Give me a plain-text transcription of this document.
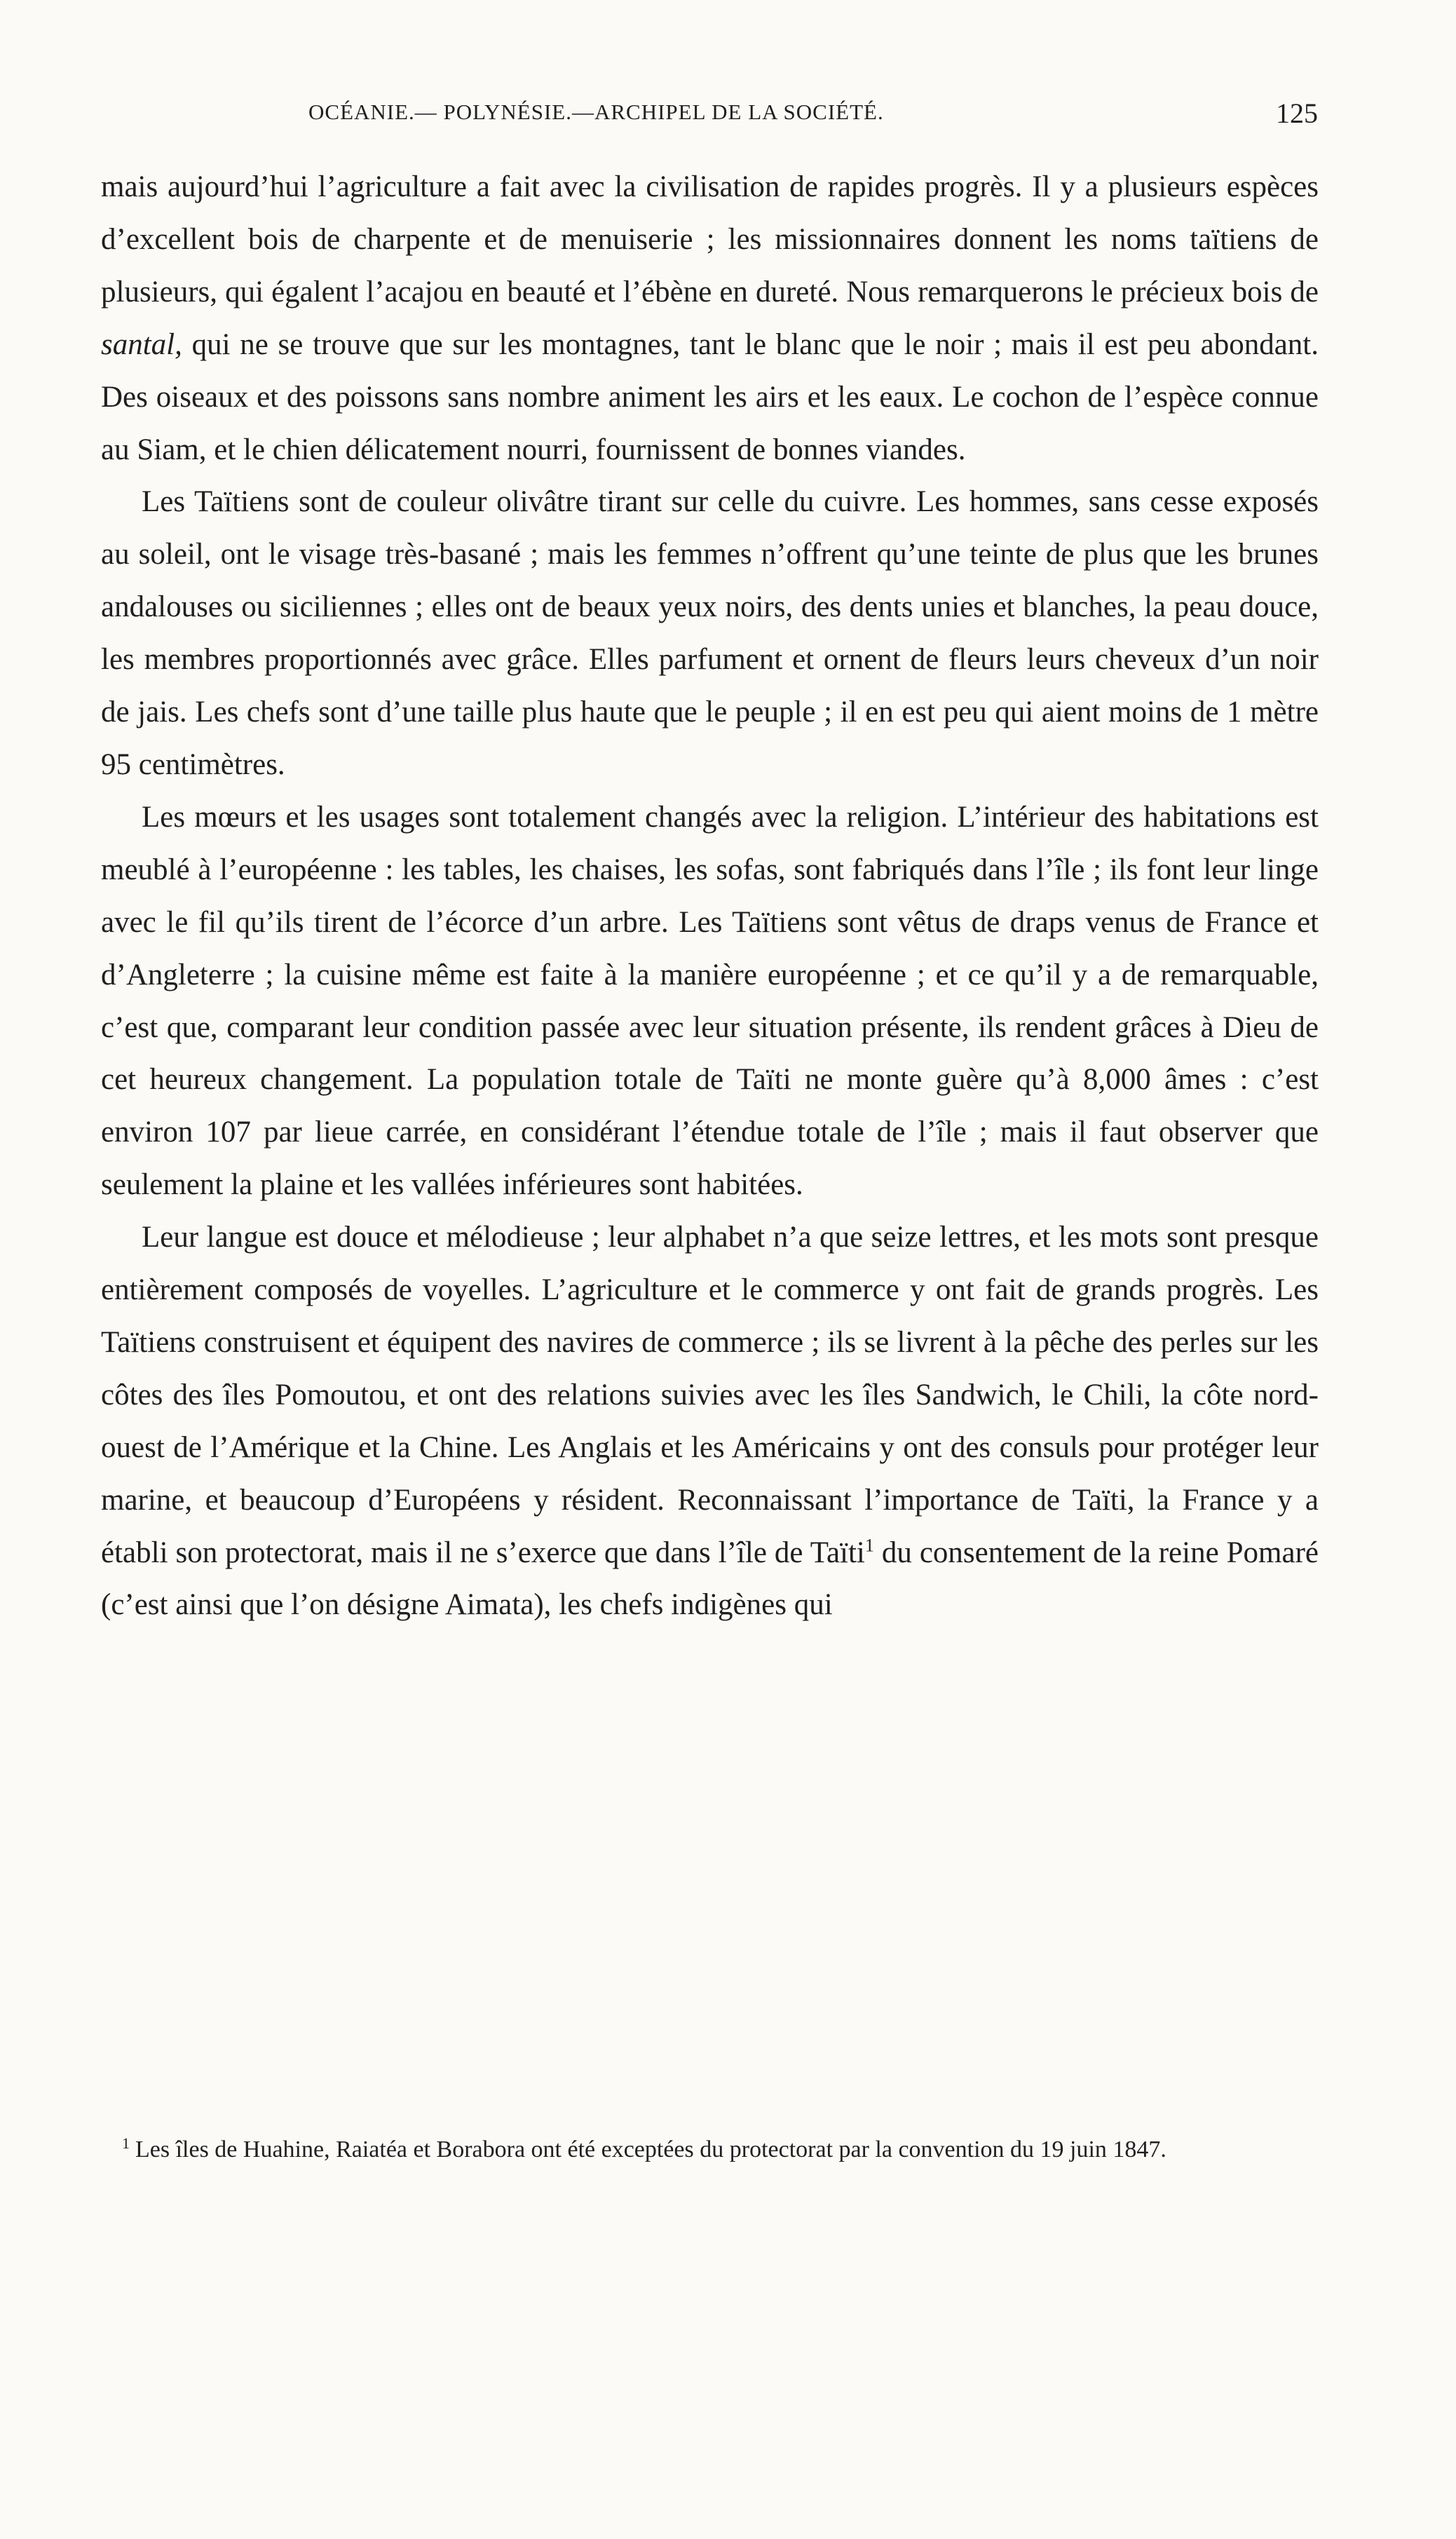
OCÉANIE.— POLYNÉSIE.—ARCHIPEL DE LA SOCIÉTÉ.	125

mais aujourd’hui l’agriculture a fait avec la civilisation de rapides progrès. Il y a plusieurs espèces d’excellent bois de charpente et de menuiserie ; les missionnaires donnent les noms taïtiens de plusieurs, qui égalent l’acajou en beauté et l’ébène en dureté. Nous remarquerons le précieux bois de santal, qui ne se trouve que sur les montagnes, tant le blanc que le noir ; mais il est peu abondant. Des oiseaux et des poissons sans nombre animent les airs et les eaux. Le cochon de l’espèce connue au Siam, et le chien délicatement nourri, fournissent de bonnes viandes.

Les Taïtiens sont de couleur olivâtre tirant sur celle du cuivre. Les hommes, sans cesse exposés au soleil, ont le visage très-basané ; mais les femmes n’offrent qu’une teinte de plus que les brunes andalouses ou siciliennes ; elles ont de beaux yeux noirs, des dents unies et blanches, la peau douce, les membres proportionnés avec grâce. Elles parfument et ornent de fleurs leurs cheveux d’un noir de jais. Les chefs sont d’une taille plus haute que le peuple ; il en est peu qui aient moins de 1 mètre 95 centimètres.

Les mœurs et les usages sont totalement changés avec la religion. L’intérieur des habitations est meublé à l’européenne : les tables, les chaises, les sofas, sont fabriqués dans l’île ; ils font leur linge avec le fil qu’ils tirent de l’écorce d’un arbre. Les Taïtiens sont vêtus de draps venus de France et d’Angleterre ; la cuisine même est faite à la manière européenne ; et ce qu’il y a de remarquable, c’est que, comparant leur condition passée avec leur situation présente, ils rendent grâces à Dieu de cet heureux changement. La population totale de Taïti ne monte guère qu’à 8,000 âmes : c’est environ 107 par lieue carrée, en considérant l’étendue totale de l’île ; mais il faut observer que seulement la plaine et les vallées inférieures sont habitées.

Leur langue est douce et mélodieuse ; leur alphabet n’a que seize lettres, et les mots sont presque entièrement composés de voyelles. L’agriculture et le commerce y ont fait de grands progrès. Les Taïtiens construisent et équipent des navires de commerce ; ils se livrent à la pêche des perles sur les côtes des îles Pomoutou, et ont des relations suivies avec les îles Sandwich, le Chili, la côte nord-ouest de l’Amérique et la Chine. Les Anglais et les Américains y ont des consuls pour protéger leur marine, et beaucoup d’Européens y résident. Reconnaissant l’importance de Taïti, la France y a établi son protectorat, mais il ne s’exerce que dans l’île de Taïti$^1$ du consentement de la reine Pomaré (c’est ainsi que l’on désigne Aimata), les chefs indigènes qui

$^1$ Les îles de Huahine, Raiatéa et Borabora ont été exceptées du protectorat par la convention du 19 juin 1847.
